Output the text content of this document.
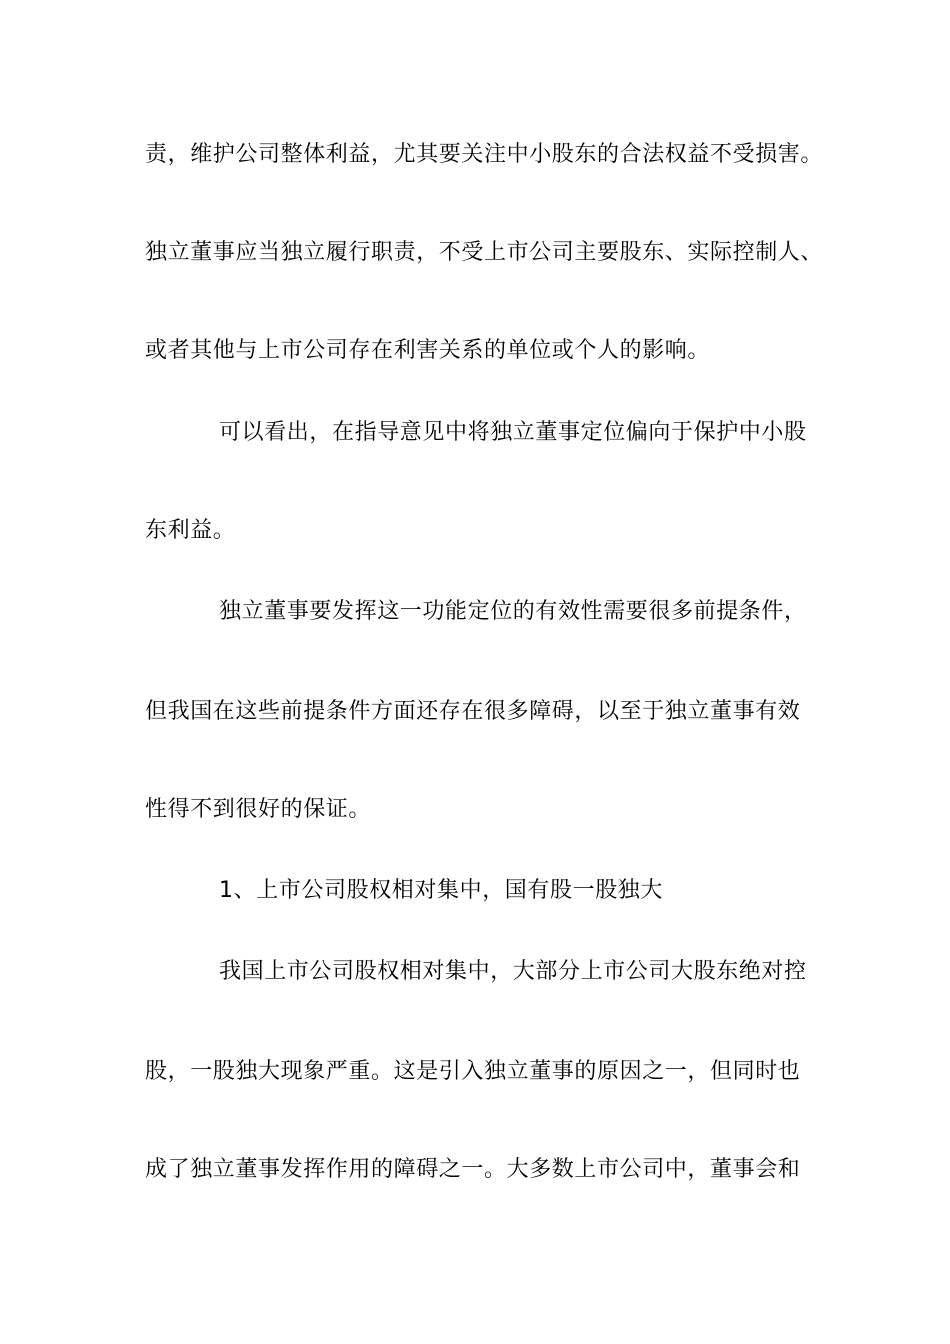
责，维护公司整体利益，尤其要关注中小股东的合法权益不受损害。
独立董事应当独立履行职责，不受上市公司主要股东、实际控制人、
或者其他与上市公司存在利害关系的单位或个人的影响。
可以看出，在指导意见中将独立董事定位偏向于保护中小股
东利益。
独立董事要发挥这一功能定位的有效性需要很多前提条件，
但我国在这些前提条件方面还存在很多障碍，以至于独立董事有效
性得不到很好的保证。
1、上市公司股权相对集中，国有股一股独大
我国上市公司股权相对集中，大部分上市公司大股东绝对控
股，一股独大现象严重。这是引入独立董事的原因之一，但同时也
成了独立董事发挥作用的障碍之一。大多数上市公司中，董事会和
